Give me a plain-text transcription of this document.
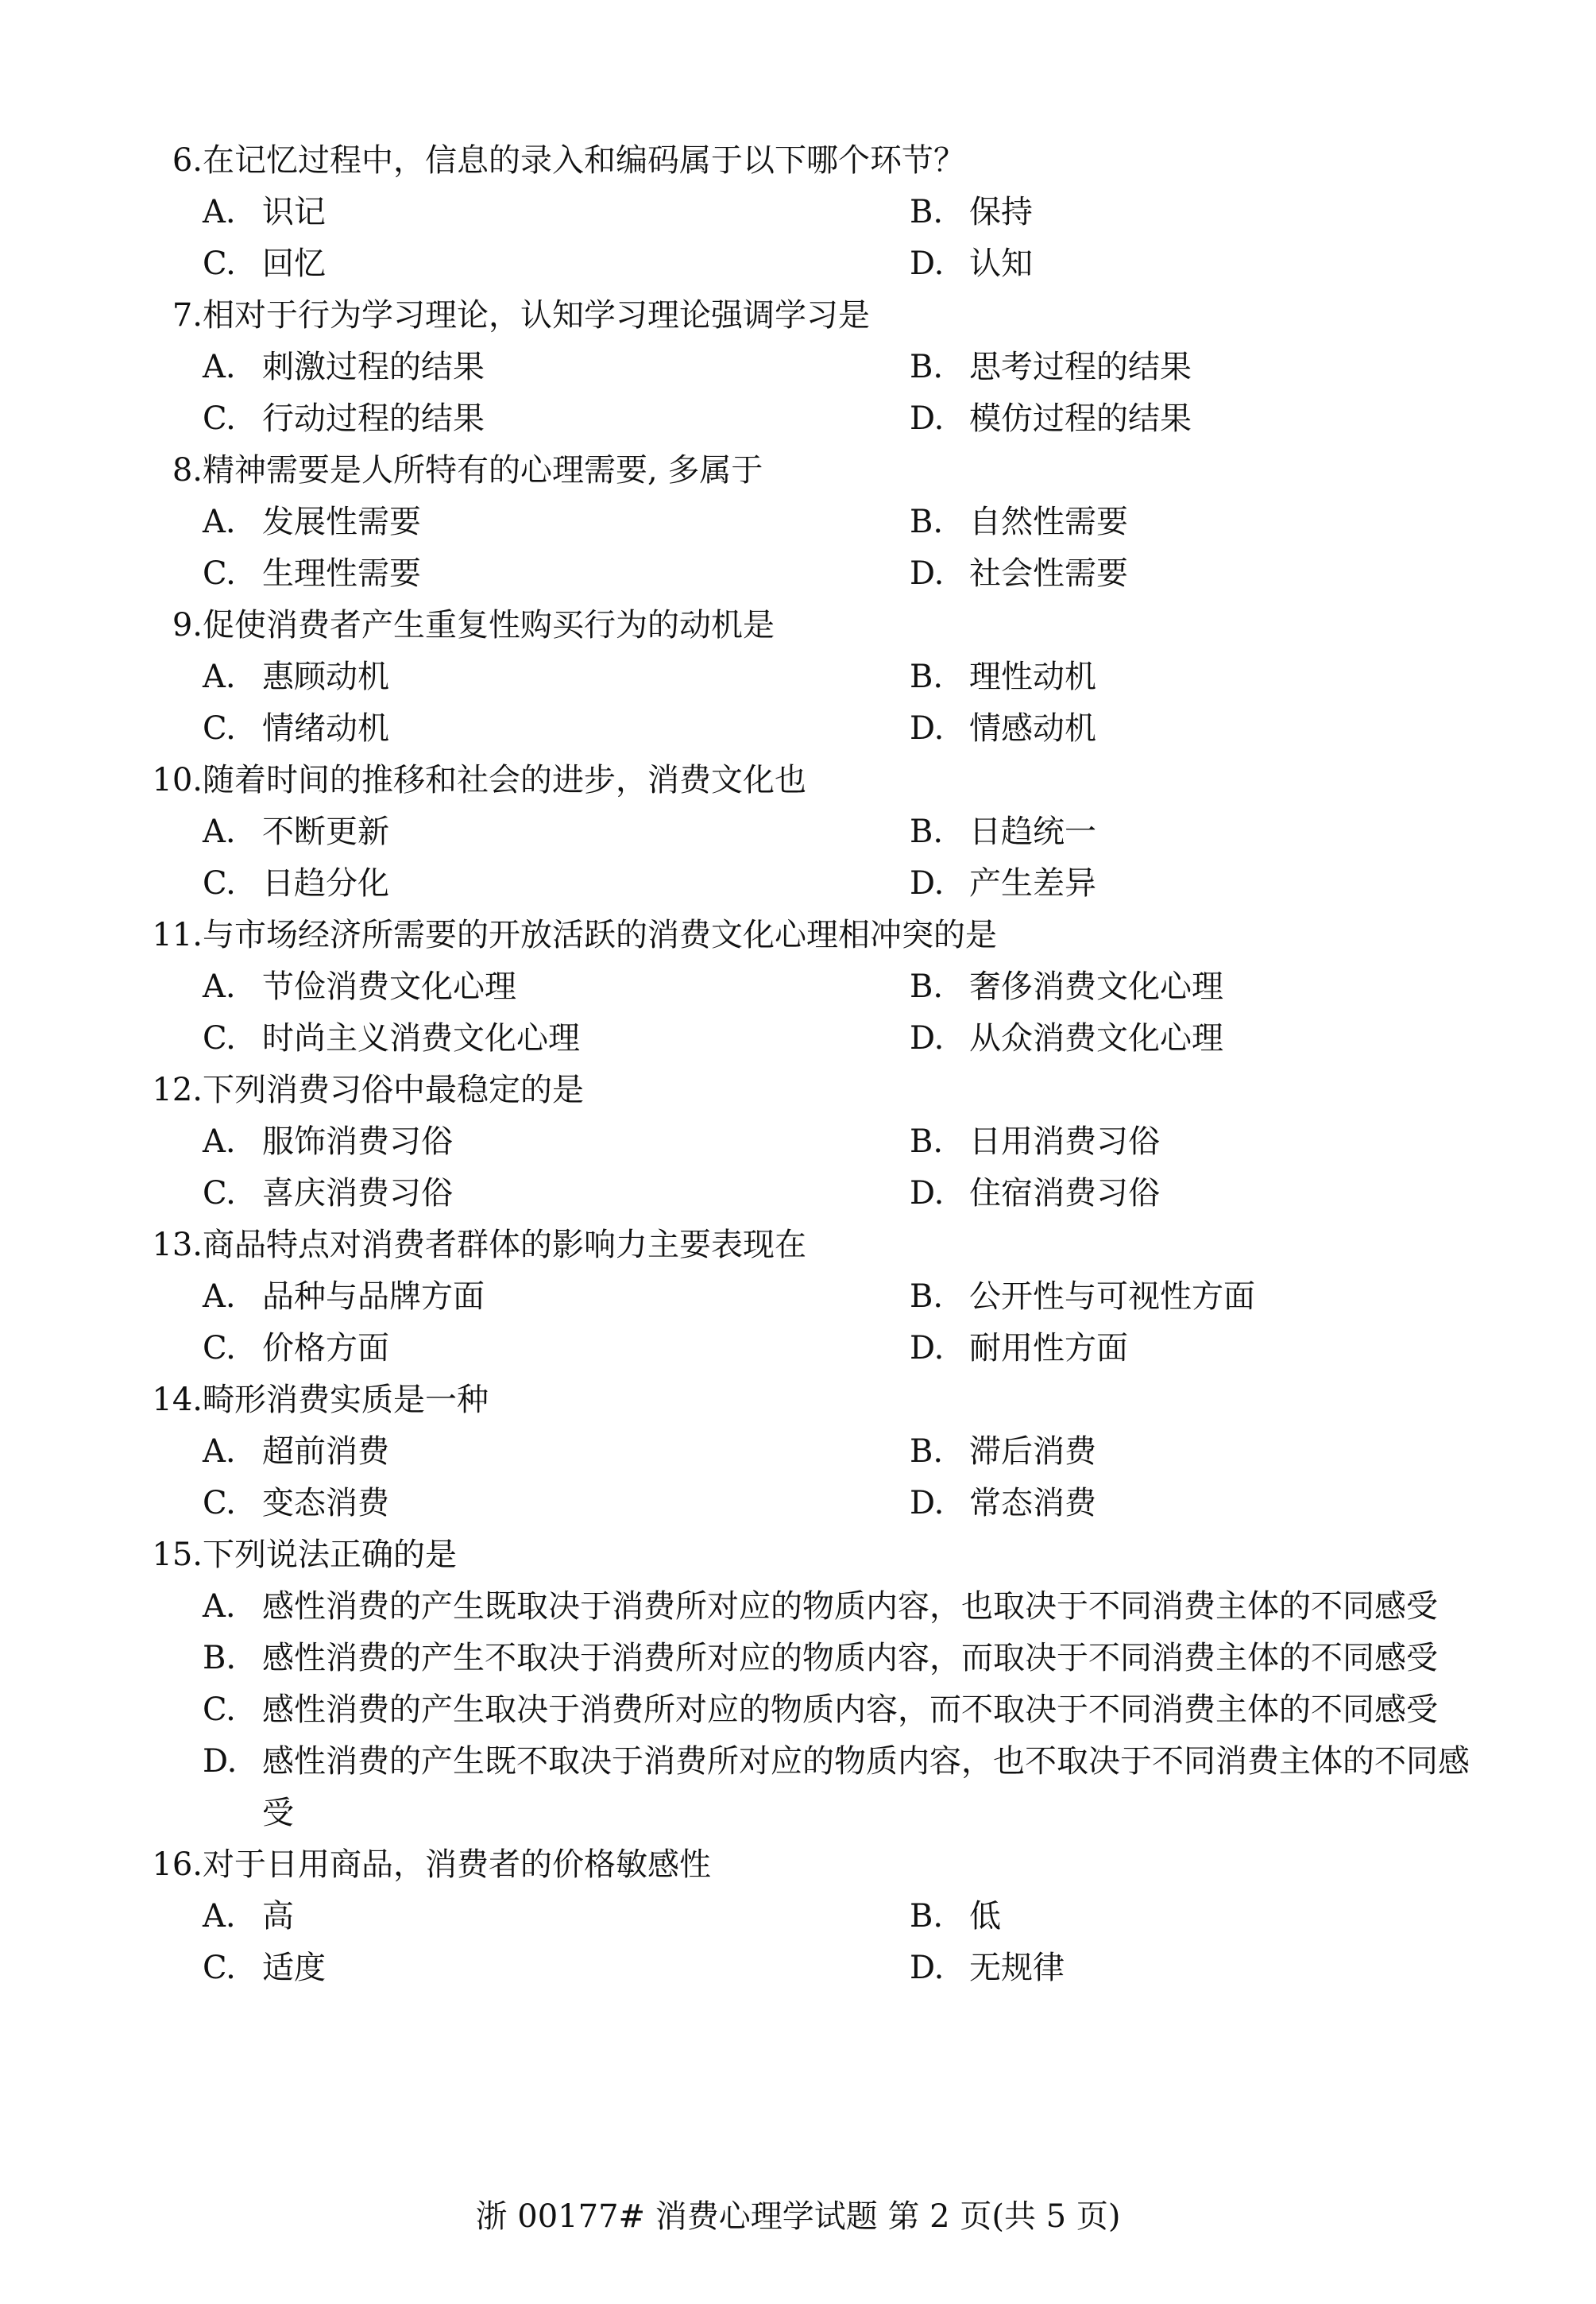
6. 在记忆过程中，信息的录入和编码属于以下哪个环节？
A. 识记	B. 保持
C. 回忆	D. 认知
7. 相对于行为学习理论，认知学习理论强调学习是
A. 刺激过程的结果	B. 思考过程的结果
C. 行动过程的结果	D. 模仿过程的结果
8. 精神需要是人所特有的心理需要, 多属于
A. 发展性需要	B. 自然性需要
C. 生理性需要	D. 社会性需要
9. 促使消费者产生重复性购买行为的动机是
A. 惠顾动机	B. 理性动机
C. 情绪动机	D. 情感动机
10. 随着时间的推移和社会的进步，消费文化也
A. 不断更新	B. 日趋统一
C. 日趋分化	D. 产生差异
11. 与市场经济所需要的开放活跃的消费文化心理相冲突的是
A. 节俭消费文化心理	B. 奢侈消费文化心理
C. 时尚主义消费文化心理	D. 从众消费文化心理
12. 下列消费习俗中最稳定的是
A. 服饰消费习俗	B. 日用消费习俗
C. 喜庆消费习俗	D. 住宿消费习俗
13. 商品特点对消费者群体的影响力主要表现在
A. 品种与品牌方面	B. 公开性与可视性方面
C. 价格方面	D. 耐用性方面
14. 畸形消费实质是一种
A. 超前消费	B. 滞后消费
C. 变态消费	D. 常态消费
15. 下列说法正确的是
A. 感性消费的产生既取决于消费所对应的物质内容，也取决于不同消费主体的不同感受
B. 感性消费的产生不取决于消费所对应的物质内容，而取决于不同消费主体的不同感受
C. 感性消费的产生取决于消费所对应的物质内容，而不取决于不同消费主体的不同感受
D. 感性消费的产生既不取决于消费所对应的物质内容，也不取决于不同消费主体的不同感受
16. 对于日用商品，消费者的价格敏感性
A. 高	B. 低
C. 适度	D. 无规律
浙 00177# 消费心理学试题 第 2 页(共 5 页)
